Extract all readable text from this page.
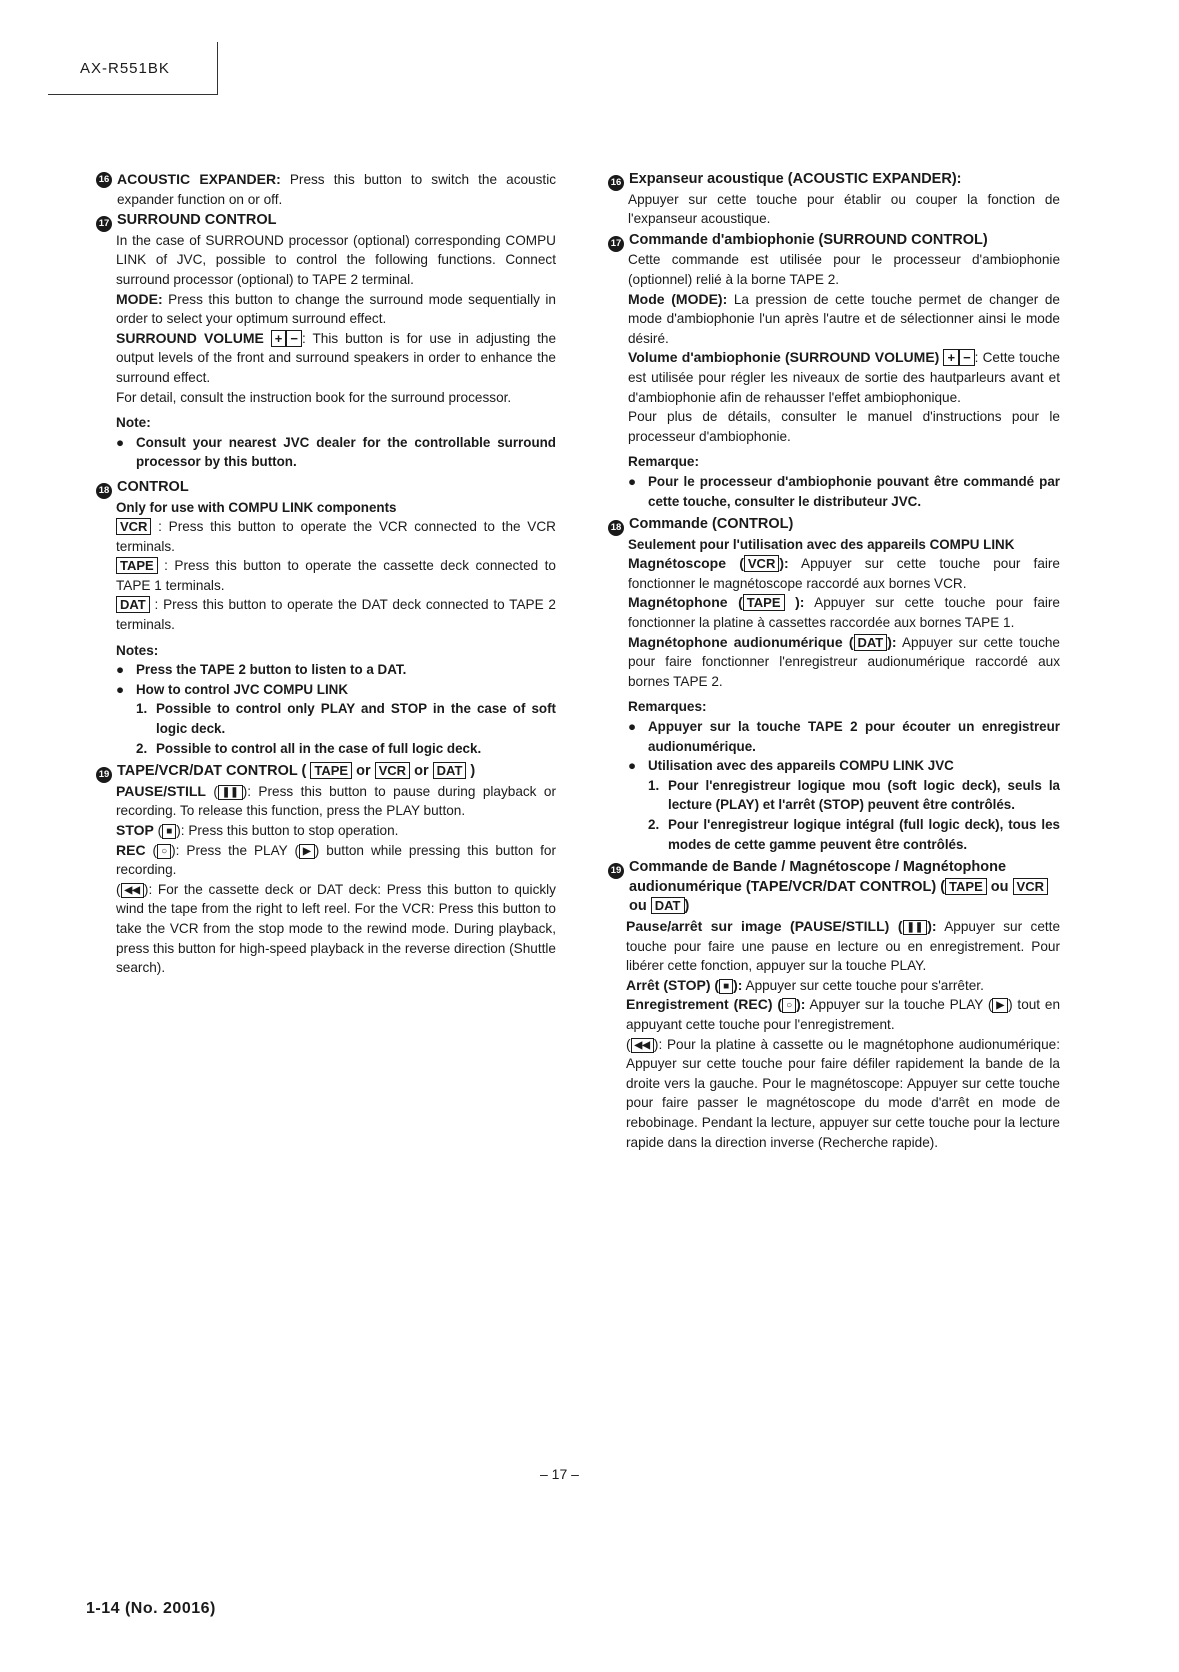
AX-R551BK
16 ACOUSTIC EXPANDER: Press this button to switch the acoustic expander function on or off.
17 SURROUND CONTROL

In the case of SURROUND processor (optional) corresponding COMPU LINK of JVC, possible to control the following functions. Connect surround processor (optional) to TAPE 2 terminal.

MODE: Press this button to change the surround mode sequentially in order to select your optimum surround effect.

SURROUND VOLUME + − : This button is for use in adjusting the output levels of the front and surround speakers in order to enhance the surround effect.

For detail, consult the instruction book for the surround processor.

Note:
● Consult your nearest JVC dealer for the controllable surround processor by this button.
18 CONTROL
Only for use with COMPU LINK components

VCR : Press this button to operate the VCR connected to the VCR terminals.

TAPE : Press this button to operate the cassette deck connected to TAPE 1 terminals.

DAT : Press this button to operate the DAT deck connected to TAPE 2 terminals.

Notes:
● Press the TAPE 2 button to listen to a DAT.
● How to control JVC COMPU LINK
1. Possible to control only PLAY and STOP in the case of soft logic deck.
2. Possible to control all in the case of full logic deck.
19 TAPE/VCR/DAT CONTROL ( TAPE or VCR or DAT )

PAUSE/STILL ( ❚❚ ): Press this button to pause during playback or recording. To release this function, press the PLAY button.

STOP ( ■ ): Press this button to stop operation.

REC ( ○ ): Press the PLAY ( ▶ ) button while pressing this button for recording.

( ◀◀ ): For the cassette deck or DAT deck: Press this button to quickly wind the tape from the right to left reel. For the VCR: Press this button to take the VCR from the stop mode to the rewind mode. During playback, press this button for high-speed playback in the reverse direction (Shuttle search).

16 Expanseur acoustique (ACOUSTIC EXPANDER):

Appuyer sur cette touche pour établir ou couper la fonction de l'expanseur acoustique.

17 Commande d'ambiophonie (SURROUND CONTROL)

Cette commande est utilisée pour le processeur d'ambiophonie (optionnel) relié à la borne TAPE 2.

Mode (MODE): La pression de cette touche permet de changer de mode d'ambiophonie l'un après l'autre et de sélectionner ainsi le mode désiré.

Volume d'ambiophonie (SURROUND VOLUME) + − : Cette touche est utilisée pour régler les niveaux de sortie des hautparleurs avant et d'ambiophonie afin de rehausser l'effet ambiophonique.

Pour plus de détails, consulter le manuel d'instructions pour le processeur d'ambiophonie.

Remarque:
● Pour le processeur d'ambiophonie pouvant être commandé par cette touche, consulter le distributeur JVC.
18 Commande (CONTROL)
Seulement pour l'utilisation avec des appareils COMPU LINK

Magnétoscope ( VCR ): Appuyer sur cette touche pour faire fonctionner le magnétoscope raccordé aux bornes VCR.

Magnétophone ( TAPE ): Appuyer sur cette touche pour faire fonctionner la platine à cassettes raccordée aux bornes TAPE 1.

Magnétophone audionumérique ( DAT ): Appuyer sur cette touche pour faire fonctionner l'enregistreur audionumérique raccordé aux bornes TAPE 2.

Remarques:
● Appuyer sur la touche TAPE 2 pour écouter un enregistreur audionumérique.
● Utilisation avec des appareils COMPU LINK JVC
1. Pour l'enregistreur logique mou (soft logic deck), seuls la lecture (PLAY) et l'arrêt (STOP) peuvent être contrôlés.
2. Pour l'enregistreur logique intégral (full logic deck), tous les modes de cette gamme peuvent être contrôlés.
19 Commande de Bande / Magnétoscope / Magnétophone audionumérique (TAPE/VCR/DAT CONTROL) ( TAPE ou VCR ou DAT )

Pause/arrêt sur image (PAUSE/STILL) ( ❚❚ ): Appuyer sur cette touche pour faire une pause en lecture ou en enregistrement. Pour libérer cette fonction, appuyer sur la touche PLAY.

Arrêt (STOP) ( ■ ): Appuyer sur cette touche pour s'arrêter.

Enregistrement (REC) ( ○ ): Appuyer sur la touche PLAY ( ▶ ) tout en appuyant cette touche pour l'enregistrement.

( ◀◀ ): Pour la platine à cassette ou le magnétophone audionumérique: Appuyer sur cette touche pour faire défiler rapidement la bande de la droite vers la gauche. Pour le magnétoscope: Appuyer sur cette touche pour faire passer le magnétoscope du mode d'arrêt en mode de rebobinage. Pendant la lecture, appuyer sur cette touche pour la lecture rapide dans la direction inverse (Recherche rapide).

– 17 –
1-14 (No. 20016)
